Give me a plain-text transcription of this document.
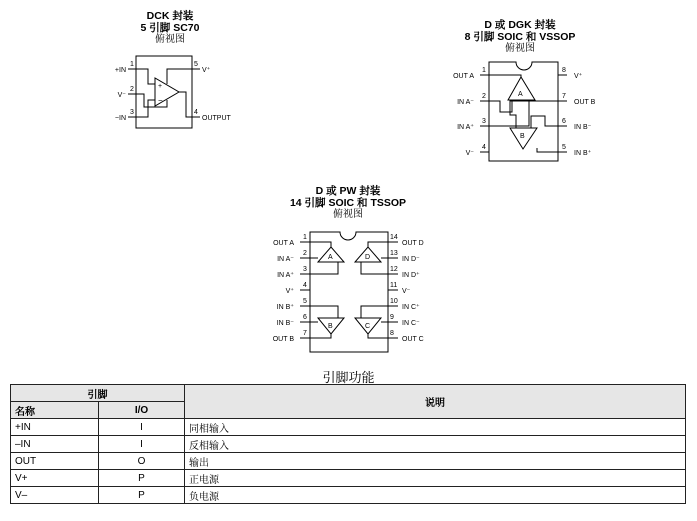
DCK 封装
5 引脚 SC70
俯视图
+
−
1
2
3	4
5
+IN
V⁻
−IN	OUTPUT
V⁺
D 或 DGK 封装
8 引脚 SOIC 和 VSSOP
俯视图
A
B
1
2
3
4	5
6
7
8
OUT A
IN A⁻
IN A⁺
V⁻	IN B⁺
IN B⁻
OUT B
V⁺
D 或 PW 封装
14 引脚 SOIC 和 TSSOP
俯视图
A	D
B	C
1
2
3
4
5
6
7	8
9
10
11
12
13
14
OUT A
IN A⁻
IN A⁺
V⁺
IN B⁺
IN B⁻
OUT B	OUT C
IN C⁻
IN C⁺
V⁻
IN D⁺
IN D⁻
OUT D
引脚功能
引脚		说明
名称	I/O	
+IN	I	同相输入
–IN	I	反相输入
OUT	O	输出
V+	P	正电源
V–	P	负电源
